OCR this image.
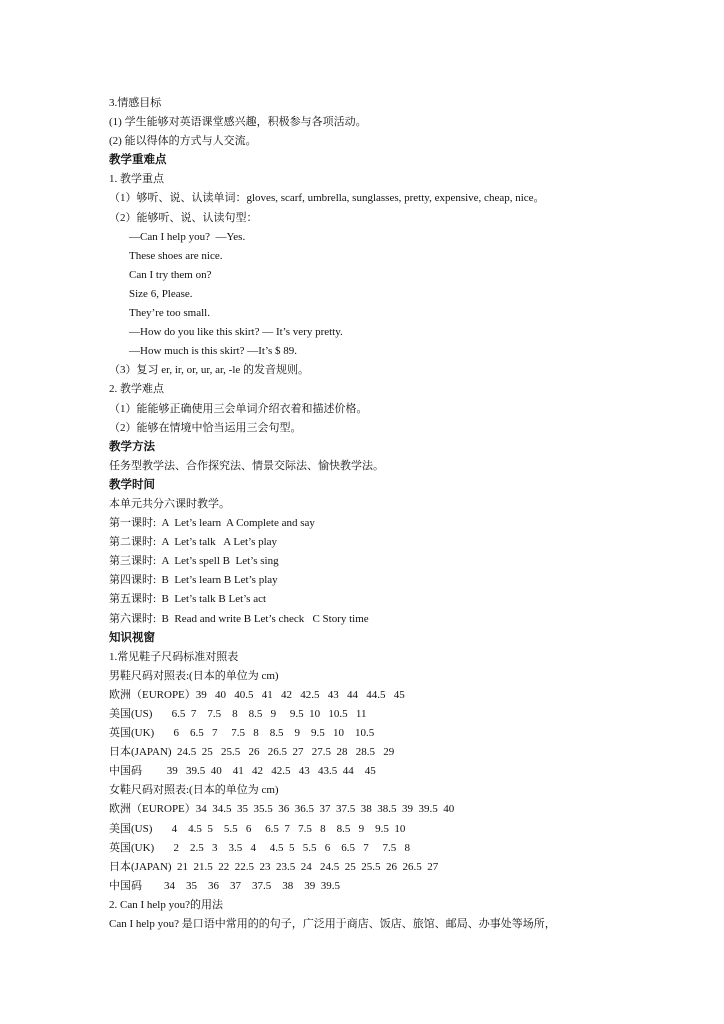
3.情感目标
(1) 学生能够对英语课堂感兴趣，积极参与各项活动。
(2) 能以得体的方式与人交流。
教学重难点
1. 教学重点
（1）够听、说、认读单词：gloves, scarf, umbrella, sunglasses, pretty, expensive, cheap, nice。
（2）能够听、说、认读句型：
—Can I help you?  —Yes.
These shoes are nice.
Can I try them on?
Size 6, Please.
They’re too small.
—How do you like this skirt? — It’s very pretty.
—How much is this skirt? —It’s $ 89.
（3）复习 er, ir, or, ur, ar, -le 的发音规则。
2. 教学难点
（1）能能够正确使用三会单词介绍衣着和描述价格。
（2）能够在情境中恰当运用三会句型。
教学方法
任务型教学法、合作探究法、情景交际法、愉快教学法。
教学时间
本单元共分六课时教学。
第一课时:  A  Let’s learn  A Complete and say
第二课时:  A  Let’s talk   A Let’s play
第三课时:  A  Let’s spell B  Let’s sing
第四课时:  B  Let’s learn B Let’s play
第五课时:  B  Let’s talk B Let’s act
第六课时:  B  Read and write B Let’s check   C Story time
知识视窗
1.常见鞋子尺码标准对照表
男鞋尺码对照表:(日本的单位为 cm)
欧洲（EUROPE）39   40   40.5   41   42   42.5   43   44   44.5   45
美国(US)       6.5  7    7.5    8    8.5   9     9.5  10   10.5   11
英国(UK)       6    6.5   7     7.5   8    8.5    9    9.5   10    10.5
日本(JAPAN)  24.5  25   25.5   26   26.5  27   27.5  28   28.5   29
中国码         39   39.5  40    41   42   42.5   43   43.5  44    45
女鞋尺码对照表:(日本的单位为 cm)
欧洲（EUROPE）34  34.5  35  35.5  36  36.5  37  37.5  38  38.5  39  39.5  40
美国(US)       4    4.5  5    5.5   6     6.5  7   7.5   8    8.5   9    9.5  10
英国(UK)       2    2.5   3    3.5   4     4.5  5   5.5   6    6.5   7     7.5   8
日本(JAPAN)  21  21.5  22  22.5  23  23.5  24   24.5  25  25.5  26  26.5  27
中国码        34    35    36    37    37.5    38    39  39.5
2. Can I help you?的用法
Can I help you? 是口语中常用的的句子，广泛用于商店、饭店、旅馆、邮局、办事处等场所，
